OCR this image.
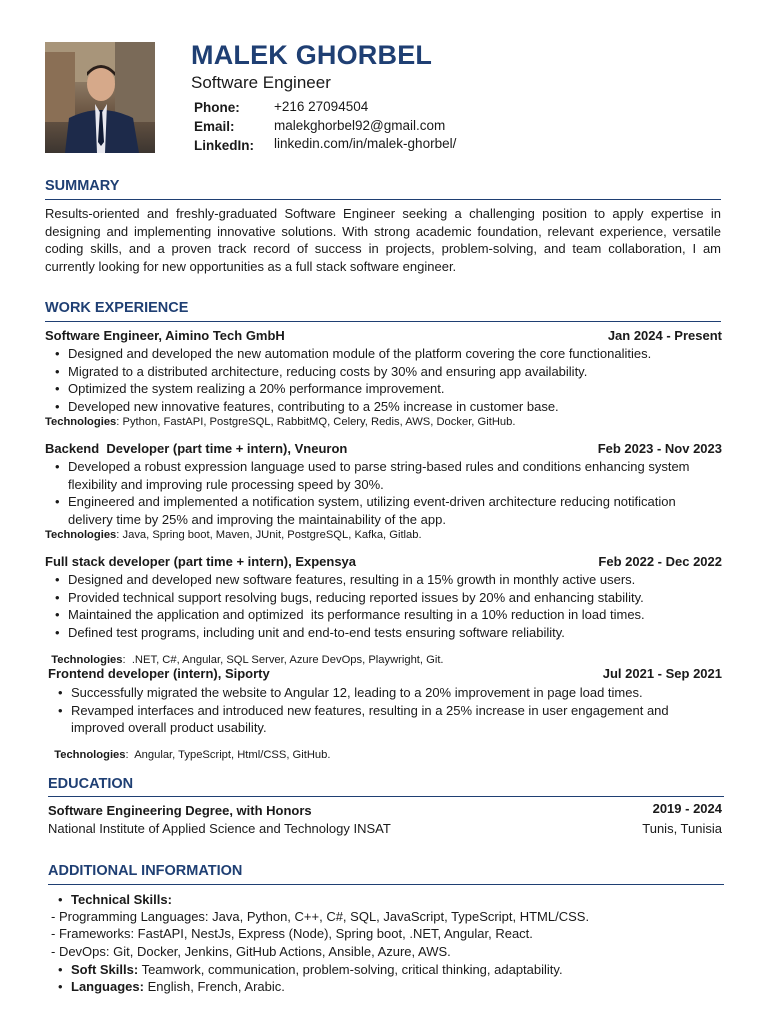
MALEK GHORBEL
Software Engineer
Phone:	+216 27094504
Email:	malekghorbel92@gmail.com
LinkedIn: linkedin.com/in/malek-ghorbel/
SUMMARY
Results-oriented and freshly-graduated Software Engineer seeking a challenging position to apply expertise in designing and implementing innovative solutions. With strong academic foundation, relevant experience, versatile coding skills, and a proven track record of success in projects, problem-solving, and team collaboration, I am currently looking for new opportunities as a full stack software engineer.
WORK EXPERIENCE
Software Engineer, Aimino Tech GmbH	Jan 2024 - Present
• Designed and developed the new automation module of the platform covering the core functionalities.
• Migrated to a distributed architecture, reducing costs by 30% and ensuring app availability.
• Optimized the system realizing a 20% performance improvement.
• Developed new innovative features, contributing to a 25% increase in customer base.
Technologies: Python, FastAPI, PostgreSQL, RabbitMQ, Celery, Redis, AWS, Docker, GitHub.
Backend  Developer (part time + intern), Vneuron	Feb 2023 - Nov 2023
• Developed a robust expression language used to parse string-based rules and conditions enhancing system flexibility and improving rule processing speed by 30%.
• Engineered and implemented a notification system, utilizing event-driven architecture reducing notification delivery time by 25% and improving the maintainability of the app.
Technologies: Java, Spring boot, Maven, JUnit, PostgreSQL, Kafka, Gitlab.
Full stack developer (part time + intern), Expensya	Feb 2022 - Dec 2022
• Designed and developed new software features, resulting in a 15% growth in monthly active users.
• Provided technical support resolving bugs, reducing reported issues by 20% and enhancing stability.
• Maintained the application and optimized  its performance resulting in a 10% reduction in load times.
• Defined test programs, including unit and end-to-end tests ensuring software reliability.

Technologies:  .NET, C#, Angular, SQL Server, Azure DevOps, Playwright, Git.

Frontend developer (intern), Siporty	Jul 2021 - Sep 2021
• Successfully migrated the website to Angular 12, leading to a 20% improvement in page load times.
• Revamped interfaces and introduced new features, resulting in a 25% increase in user engagement and improved overall product usability.

Technologies:  Angular, TypeScript, Html/CSS, GitHub.

EDUCATION
Software Engineering Degree, with Honors	2019 - 2024
National Institute of Applied Science and Technology INSAT	Tunis, Tunisia
ADDITIONAL INFORMATION
• Technical Skills:
- Programming Languages: Java, Python, C++, C#, SQL, JavaScript, TypeScript, HTML/CSS.
- Frameworks: FastAPI, NestJs, Express (Node), Spring boot, .NET, Angular, React.
- DevOps: Git, Docker, Jenkins, GitHub Actions, Ansible, Azure, AWS.
• Soft Skills: Teamwork, communication, problem-solving, critical thinking, adaptability.
• Languages: English, French, Arabic.
